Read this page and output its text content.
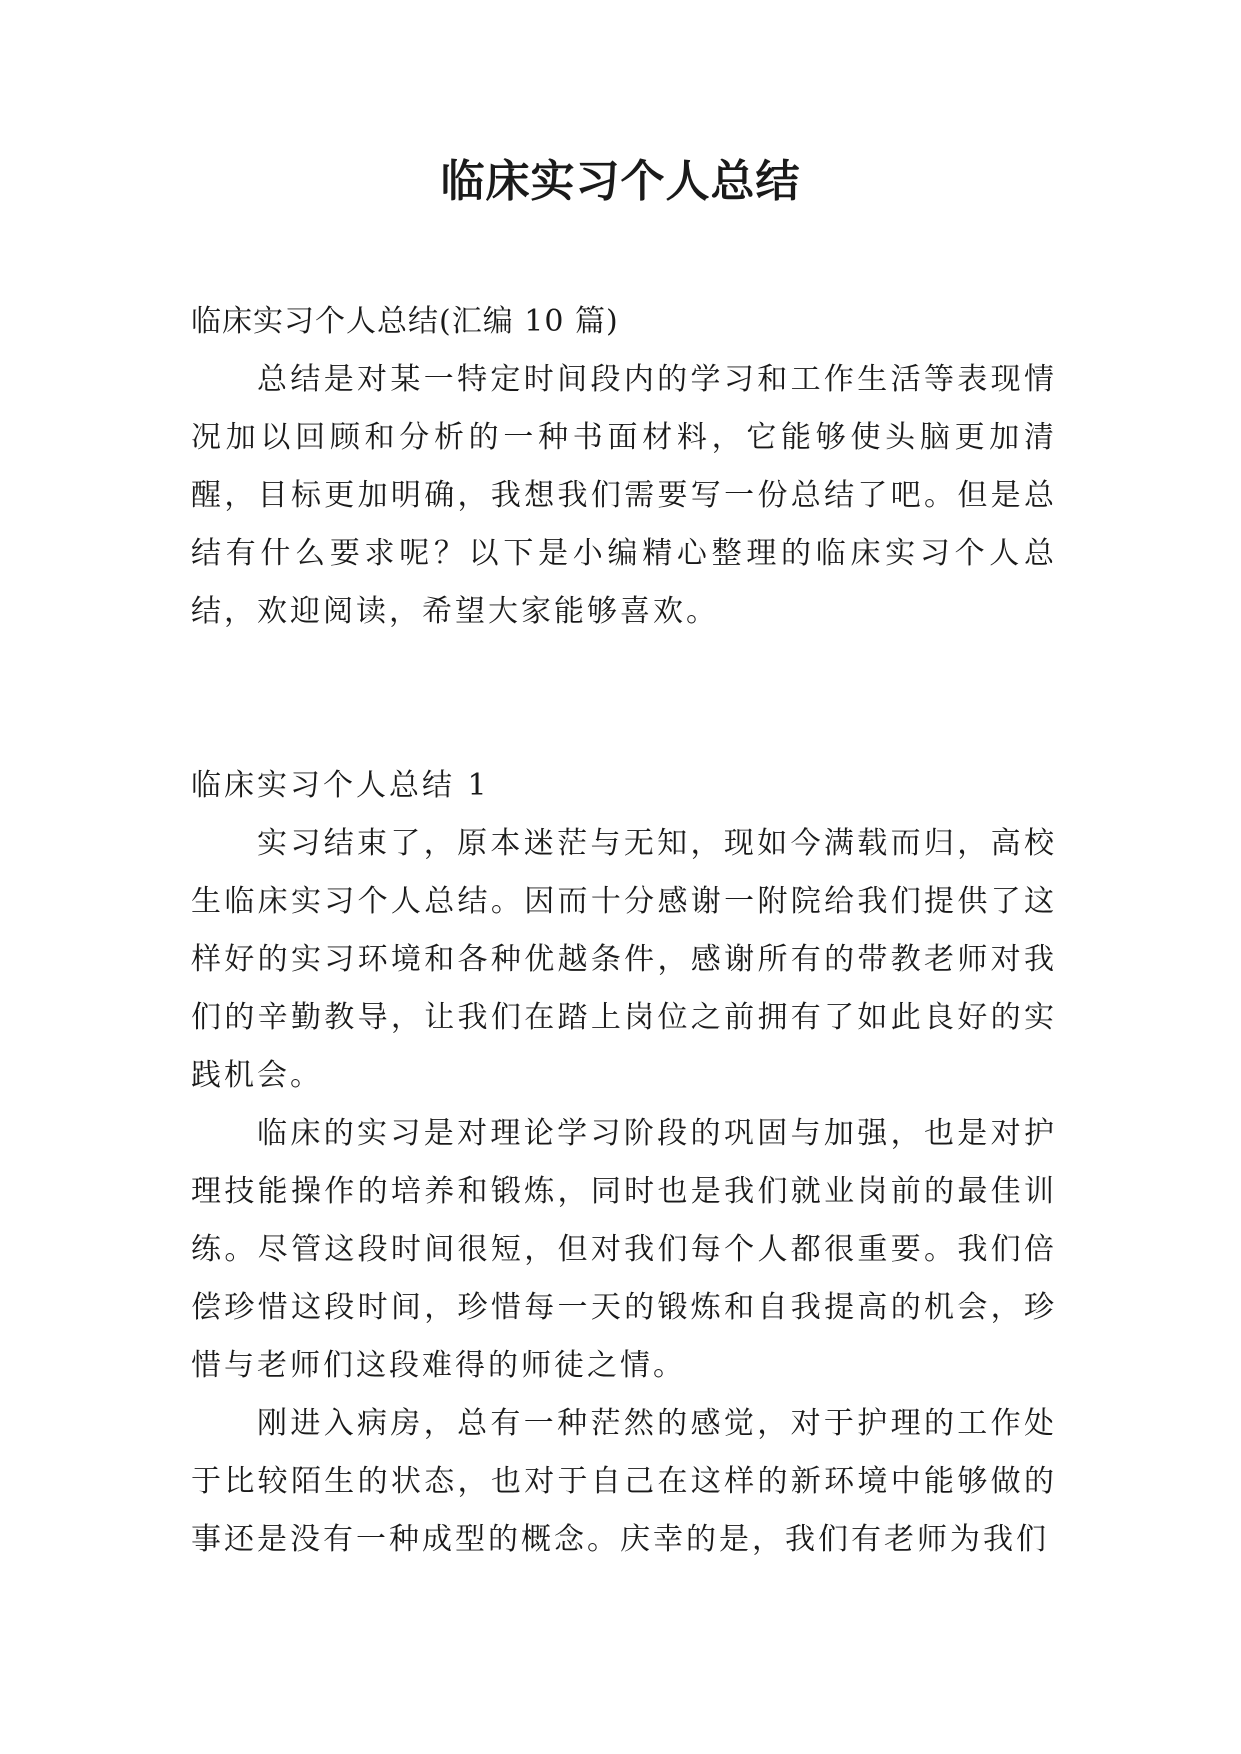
临床实习个人总结

临床实习个人总结(汇编 10 篇)

总结是对某一特定时间段内的学习和工作生活等表现情况加以回顾和分析的一种书面材料，它能够使头脑更加清醒，目标更加明确，我想我们需要写一份总结了吧。但是总结有什么要求呢？以下是小编精心整理的临床实习个人总结，欢迎阅读，希望大家能够喜欢。

临床实习个人总结 1

实习结束了，原本迷茫与无知，现如今满载而归，高校生临床实习个人总结。因而十分感谢一附院给我们提供了这样好的实习环境和各种优越条件，感谢所有的带教老师对我们的辛勤教导，让我们在踏上岗位之前拥有了如此良好的实践机会。

临床的实习是对理论学习阶段的巩固与加强，也是对护理技能操作的培养和锻炼，同时也是我们就业岗前的最佳训练。尽管这段时间很短，但对我们每个人都很重要。我们倍偿珍惜这段时间，珍惜每一天的锻炼和自我提高的机会，珍惜与老师们这段难得的师徒之情。

刚进入病房，总有一种茫然的感觉，对于护理的工作处于比较陌生的状态，也对于自己在这样的新环境中能够做的事还是没有一种成型的概念。庆幸的是，我们有老师为我们
